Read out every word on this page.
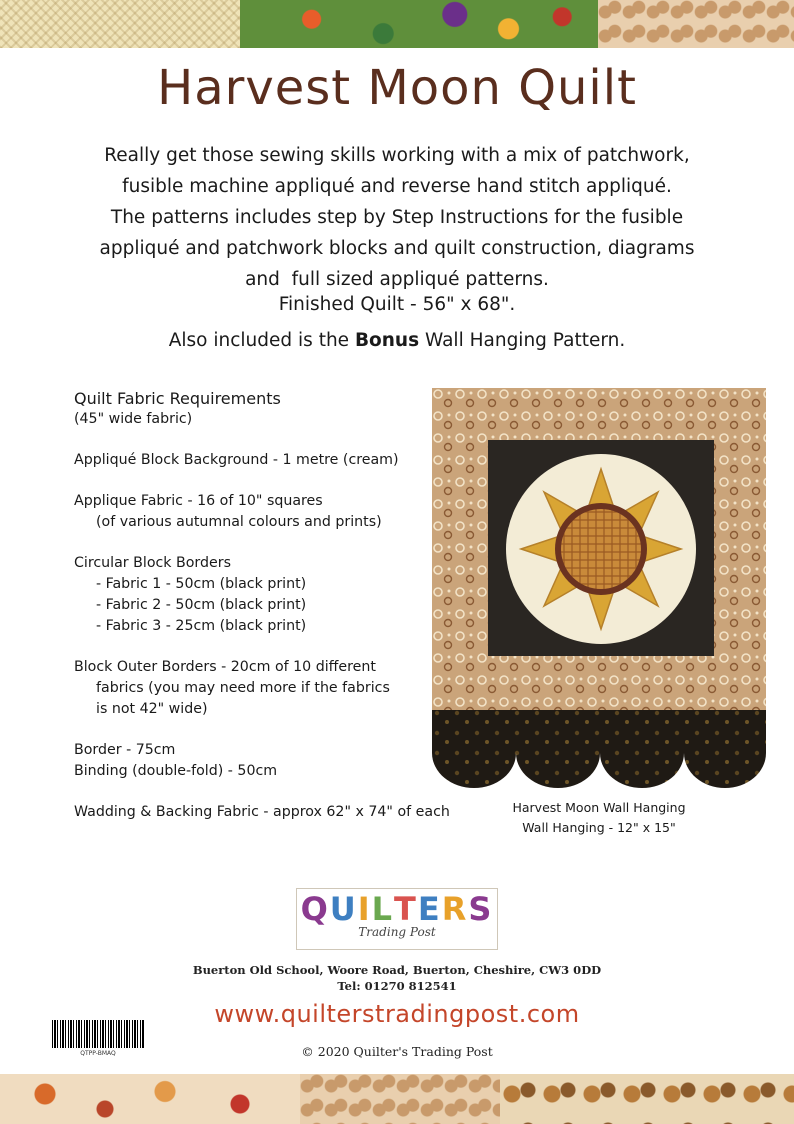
Harvest Moon Quilt

Really get those sewing skills working with a mix of patchwork,
fusible machine appliqué and reverse hand stitch appliqué.
The patterns includes step by Step Instructions for the fusible
appliqué and patchwork blocks and quilt construction, diagrams
and  full sized appliqué patterns.

Finished Quilt - 56" x 68".

Also included is the Bonus Wall Hanging Pattern.

Quilt Fabric Requirements
(45" wide fabric)
Appliqué Block Background - 1 metre (cream)
Applique Fabric - 16 of 10" squares
(of various autumnal colours and prints)
Circular Block Borders
- Fabric 1 - 50cm (black print)
- Fabric 2 - 50cm (black print)
- Fabric 3 - 25cm (black print)
Block Outer Borders - 20cm of 10 different
fabrics (you may need more if the fabrics
is not 42" wide)
Border - 75cm
Binding (double-fold) - 50cm
Wadding & Backing Fabric - approx 62" x 74" of each	Harvest Moon Wall Hanging
Wall Hanging - 12" x 15"
QUILTERS
Trading Post
Buerton Old School, Woore Road, Buerton, Cheshire, CW3 0DD
Tel: 01270 812541
www.quilterstradingpost.com
QTPP-BMAQ	© 2020 Quilter's Trading Post
